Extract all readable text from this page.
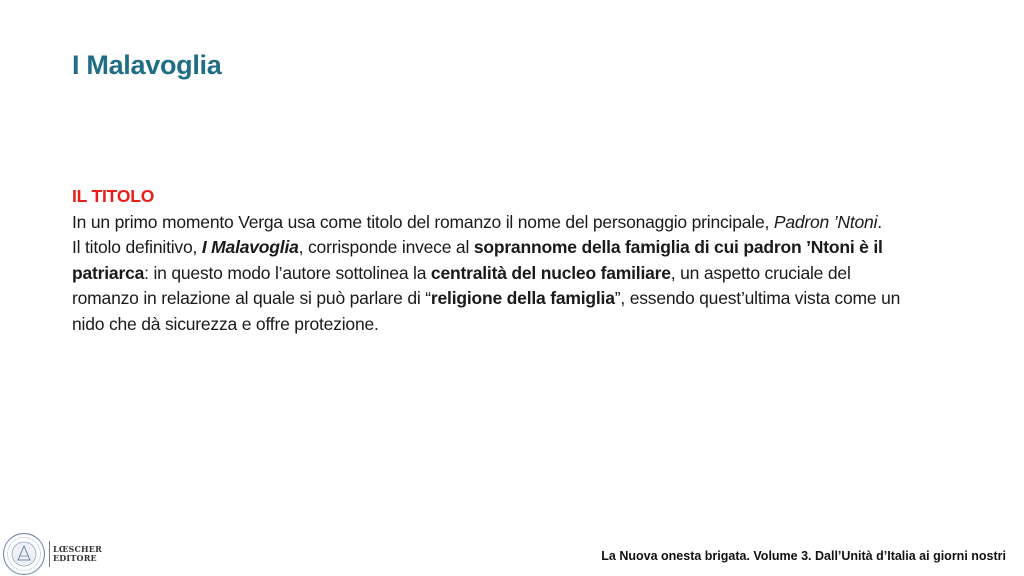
I Malavoglia
IL TITOLO
In un primo momento Verga usa come titolo del romanzo il nome del personaggio principale, Padron ’Ntoni.
Il titolo definitivo, I Malavoglia, corrisponde invece al soprannome della famiglia di cui padron ’Ntoni è il patriarca: in questo modo l’autore sottolinea la centralità del nucleo familiare, un aspetto cruciale del romanzo in relazione al quale si può parlare di “religione della famiglia”, essendo quest’ultima vista come un nido che dà sicurezza e offre protezione.
LŒSCHER
EDITORE	La Nuova onesta brigata. Volume 3. Dall’Unità d’Italia ai giorni nostri
